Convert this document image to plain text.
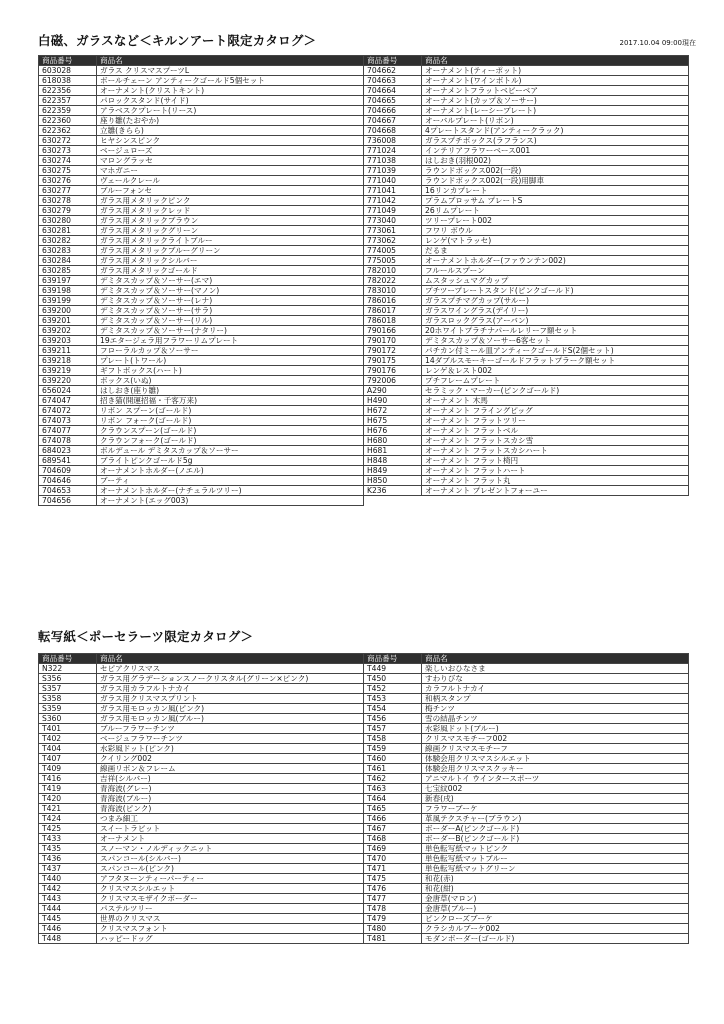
白磁、ガラスなど＜キルンアート限定カタログ＞	2017.10.04 09:00現在
商品番号	商品名
603028	ガラス クリスマスプーツL
618038	ボールチェーン アンティークゴールド5個セット
622356	オーナメント(クリストキント)
622357	パロックスタンド(サイド)
622359	アラベスクプレート(リース)
622360	座り雛(たおやか)
622362	立雛(きらら)
630272	ヒヤシンスピンク
630273	ベージュローズ
630274	マロングラッセ
630275	マホガニー
630276	ヴェールクレール
630277	ブルーフォンセ
630278	ガラス用メタリックピンク
630279	ガラス用メタリックレッド
630280	ガラス用メタリックブラウン
630281	ガラス用メタリックグリーン
630282	ガラス用メタリックライトブルー
630283	ガラス用メタリックブルーグリーン
630284	ガラス用メタリックシルバー
630285	ガラス用メタリックゴールド
639197	デミタスカップ＆ソーサー(エマ)
639198	デミタスカップ＆ソーサー(マノン)
639199	デミタスカップ＆ソーサー(レナ)
639200	デミタスカップ＆ソーサー(サラ)
639201	デミタスカップ＆ソーサー(リル)
639202	デミタスカップ＆ソーサー(ナタリー)
639203	19エタージェラ用フラワーリムプレート
639211	フローラルカップ＆ソーサー
639218	プレート(トワール)
639219	ギフトボックス(ハート)
639220	ボックス(いぬ)
656024	はしおき(座り雛)
674047	招き猫(開運招福・千客万来)
674072	リボン スプーン(ゴールド)
674073	リボン フォーク(ゴールド)
674077	クラウンスプーン(ゴールド)
674078	クラウンフォーク(ゴールド)
684023	ボルデュール デミタスカップ＆ソーサー
689541	ブライトピンクゴールド5g
704609	オーナメントホルダー(ノエル)
704646	ブーティ
704653	オーナメントホルダー(ナチュラルツリー)
704656	オーナメント(エッグ003)
商品番号	商品名
704662	オーナメント(ティーポット)
704663	オーナメント(ワインボトル)
704664	オーナメントフラットベビーベア
704665	オーナメント(カップ＆ソーサー)
704666	オーナメント(レーシープレート)
704667	オーバルプレート(リボン)
704668	4プレートスタンド(アンティークラック)
736008	ガラスプチボックス(ラフランス)
771024	インテリアフラワーベース001
771038	はしおき(羽根002)
771039	ラウンドボックス002(一段)
771040	ラウンドボックス002(一段)用脚車
771041	16リンカプレート
771042	プラムブロッサム プレートS
771049	26リムプレート
773040	ツリープレート002
773061	フワリ ボウル
773062	レンゲ(マトラッセ)
774005	だるま
775005	オーナメントホルダー(ファウンテン002)
782010	フルールスプーン
782022	ムスタッシュマグカップ
783010	プチツープレートスタンド(ピンクゴールド)
786016	ガラスプチマグカップ(サルー)
786017	ガラスワイングラス(デイリー)
786018	ガラスロックグラス(アーバン)
790166	20ホワイトプラチナパールレリーフ額セット
790170	デミタスカップ＆ソーサー6客セット
790172	パチカン付ミール皿アンティークゴールドS(2個セット)
790175	14ダブルスモーキーゴールドフラットプラーク額セット
790176	レンゲ＆レスト002
792006	プチフレームプレート
A290	セラミック・マーカー(ピンクゴールド)
H490	オーナメント 木馬
H672	オーナメント フライングピッグ
H675	オーナメント フラットツリー
H676	オーナメント フラットベル
H680	オーナメント フラットスカシ雪
H681	オーナメント フラットスカシハート
H848	オーナメント フラット椅円
H849	オーナメント フラットハート
H850	オーナメント フラット丸
K236	オーナメント プレゼントフォーユー
転写紙＜ポーセラーツ限定カタログ＞
商品番号	商品名
N322	セピアクリスマス
S356	ガラス用グラデーションスノークリスタル(グリーン×ピンク)
S357	ガラス用カラフルトナカイ
S358	ガラス用クリスマスプリント
S359	ガラス用モロッカン風(ピンク)
S360	ガラス用モロッカン風(ブルー)
T401	ブルーフラワーチンツ
T402	ベージュフラワーチンツ
T404	水彩風ドット(ピンク)
T407	クイリング002
T409	線画リボン＆フレーム
T416	吉祥(シルバー)
T419	青海波(グレー)
T420	青海波(ブルー)
T421	青海波(ピンク)
T424	つまみ細工
T425	スイートラビット
T433	オーナメント
T435	スノーマン・ノルディックニット
T436	スパンコール(シルバー)
T437	スパンコール(ピンク)
T440	アフタヌーンティーパーティー
T442	クリスマスシルエット
T443	クリスマスモザイクボーダー
T444	パステルツリー
T445	世界のクリスマス
T446	クリスマスフォント
T448	ハッピードッグ
商品番号	商品名
T449	楽しいおひなさま
T450	すわりびな
T452	カラフルトナカイ
T453	和柄スタンプ
T454	梅チンツ
T456	雪の結晶チンツ
T457	水彩風ドット(ブルー)
T458	クリスマスモチーフ002
T459	線画クリスマスモチーフ
T460	体験会用クリスマスシルエット
T461	体験会用クリスマスクッキー
T462	アニマルトイ ウインタースポーツ
T463	七宝紋002
T464	新春(戌)
T465	フラワーブーケ
T466	革風テクスチャー(ブラウン)
T467	ボーダーA(ピンクゴールド)
T468	ボーダーB(ピンクゴールド)
T469	単色転写紙マットピンク
T470	単色転写紙マットブルー
T471	単色転写紙マットグリーン
T475	和花(赤)
T476	和花(紺)
T477	金唐草(マロン)
T478	金唐草(ブルー)
T479	ピンクローズブーケ
T480	クラシカルブーケ002
T481	モダンボーダー(ゴールド)
